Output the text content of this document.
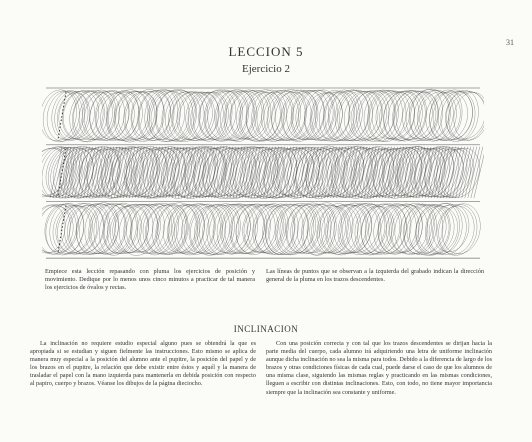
31
LECCION 5
Ejercicio 2
Empiece esta lección repasando con pluma los ejercicios de posición y movimiento. Dedique por lo menos unos cinco minutos a practicar de tal manera los ejercicios de óvalos y rectas.
Las líneas de puntos que se observan a la izquierda del grabado indican la dirección general de la pluma en los trazos descendentes.
INCLINACION
La inclinación no requiere estudio especial alguno pues se obtendrá la que es apropiada si se estudian y siguen fielmente las instrucciones. Esto mismo se aplica de manera muy especial a la posición del alumno ante el pupitre, la posición del papel y de los brazos en el pupitre, la relación que debe existir entre éstos y aquél y la manera de trasladar el papel con la mano izquierda para mantenerla en debida posición con respecto al papiro, cuerpo y brazos. Véanse los dibujos de la página dieciocho.
Con una posición correcta y con tal que los trazos descendentes se dirijan hacia la parte media del cuerpo, cada alumno irá adquiriendo una letra de uniforme inclinación aunque dicha inclinación no sea la misma para todos. Debido a la diferencia de largo de los brazos y otras condiciones físicas de cada cual, puede darse el caso de que los alumnos de una misma clase, siguiendo las mismas reglas y practicando en las mismas condiciones, lleguen a escribir con distintas inclinaciones. Esto, con todo, no tiene mayor importancia siempre que la inclinación sea constante y uniforme.
